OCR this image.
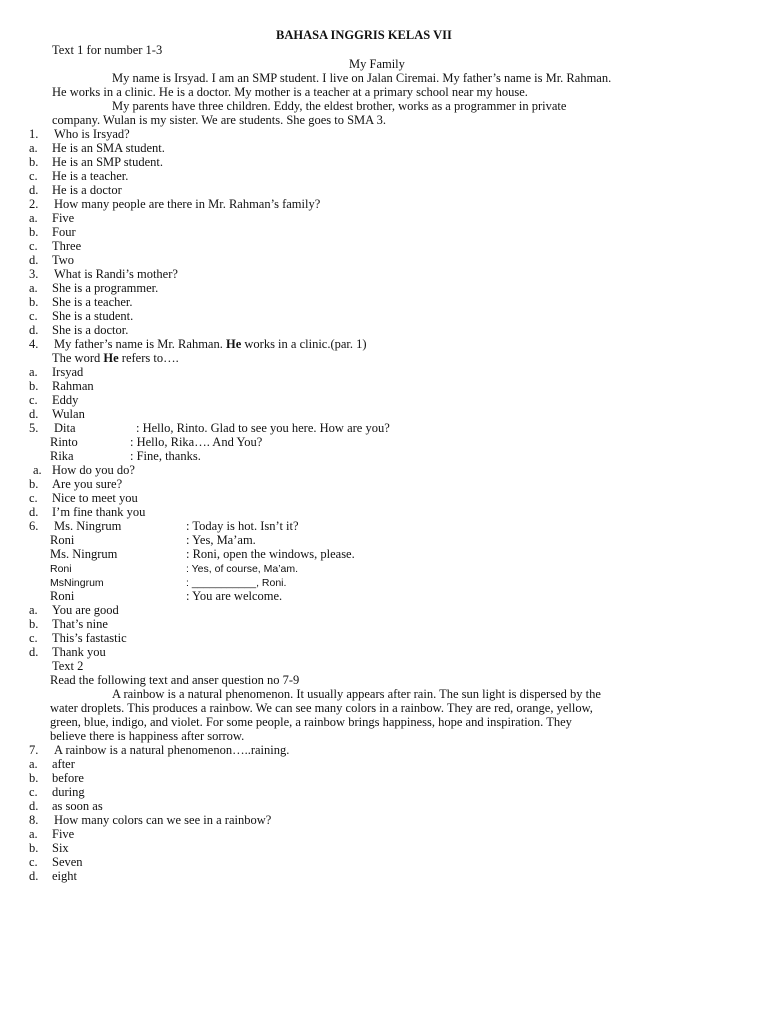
BAHASA INGGRIS KELAS VII
Text 1 for number 1-3
My Family
My name is Irsyad. I am an SMP student. I live on Jalan Ciremai. My father’s name is Mr. Rahman.
He works in a clinic. He is a doctor. My mother is a teacher at a primary school near my house.
My parents have three children. Eddy, the eldest brother, works as a programmer in private
company. Wulan is my sister. We are students. She goes to SMA 3.
1. Who is Irsyad?
a. He is an SMA student.
b. He is an SMP student.
c. He is a teacher.
d. He is a doctor
2. How many people are there in Mr. Rahman’s family?
a. Five
b. Four
c. Three
d. Two
3. What is Randi’s mother?
a. She is a programmer.
b. She is a teacher.
c. She is a student.
d. She is a doctor.
4. My father’s name is Mr. Rahman. He works in a clinic.(par. 1)
The word He refers to….
a. Irsyad
b. Rahman
c. Eddy
d. Wulan
5. Dita	: Hello, Rinto. Glad to see you here. How are you?
Rinto	: Hello, Rika…. And You?
Rika	: Fine, thanks.
a. How do you do?
b. Are you sure?
c. Nice to meet you
d. I’m fine thank you
6. Ms. Ningrum	: Today is hot. Isn’t it?
Roni	: Yes, Ma’am.
Ms. Ningrum	: Roni, open the windows, please.
Roni	: Yes, of course, Ma’am.
MsNingrum	: ___________, Roni.
Roni	: You are welcome.
a. You are good
b. That’s nine
c. This’s fastastic
d. Thank you
Text 2
Read the following text and anser question no 7-9
A rainbow is a natural phenomenon. It usually appears after rain. The sun light is dispersed by the
water droplets. This produces a rainbow. We can see many colors in a rainbow. They are red, orange, yellow,
green, blue, indigo, and violet. For some people, a rainbow brings happiness, hope and inspiration. They
believe there is happiness after sorrow.
7. A rainbow is a natural phenomenon…..raining.
a. after
b. before
c. during
d. as soon as
8. How many colors can we see in a rainbow?
a. Five
b. Six
c. Seven
d. eight
